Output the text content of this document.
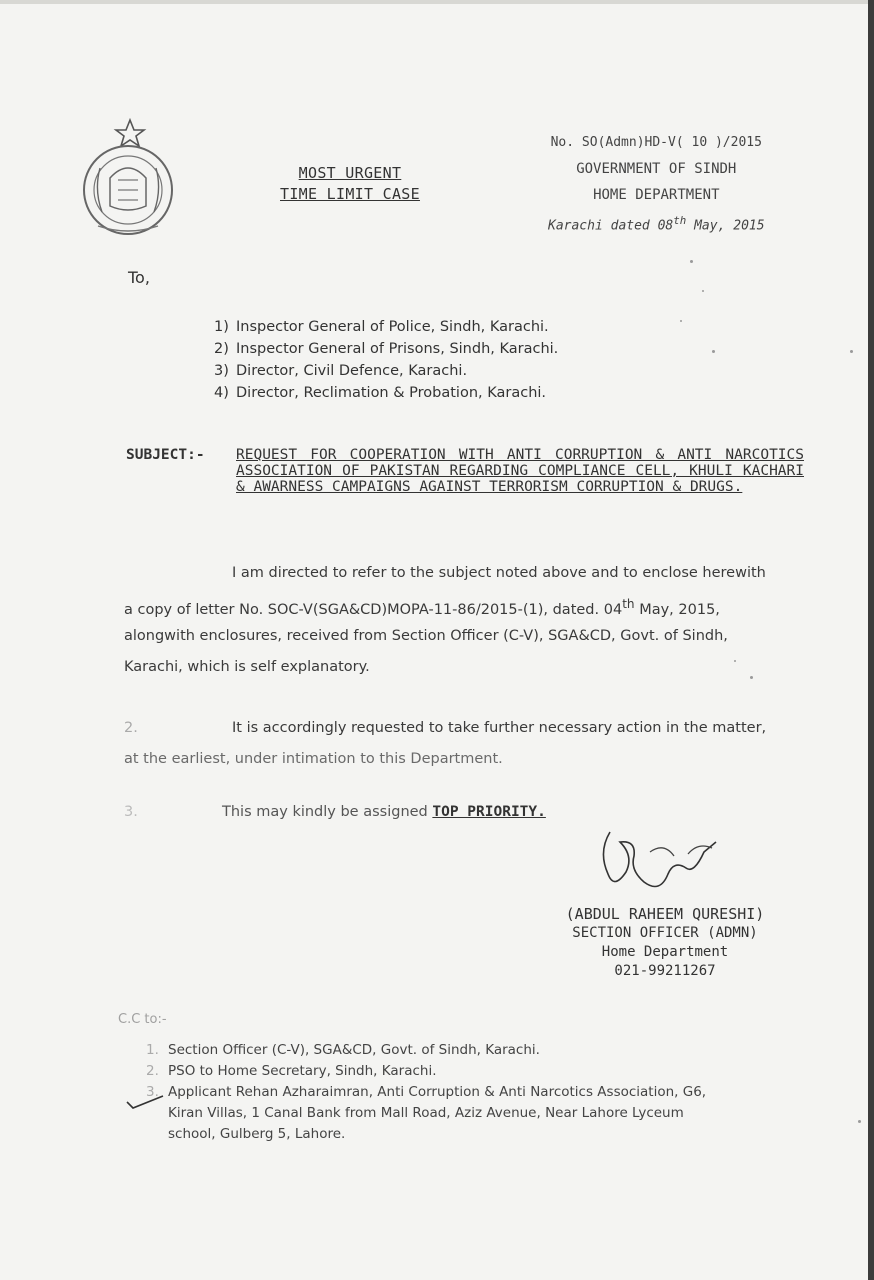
MOST URGENT
TIME LIMIT CASE
No. SO(Admn)HD-V( 10 )/2015
GOVERNMENT OF SINDH
HOME DEPARTMENT
Karachi dated 08th May, 2015
To,
1) Inspector General of Police, Sindh, Karachi.
2) Inspector General of Prisons, Sindh, Karachi.
3) Director, Civil Defence, Karachi.
4) Director, Reclimation & Probation, Karachi.
SUBJECT:- REQUEST FOR COOPERATION WITH ANTI CORRUPTION & ANTI NARCOTICS ASSOCIATION OF PAKISTAN REGARDING COMPLIANCE CELL, KHULI KACHARI & AWARNESS CAMPAIGNS AGAINST TERRORISM CORRUPTION & DRUGS.
I am directed to refer to the subject noted above and to enclose herewith
a copy of letter No. SOC-V(SGA&CD)MOPA-11-86/2015-(1), dated. 04th May, 2015,
alongwith enclosures, received from Section Officer (C-V), SGA&CD, Govt. of Sindh,
Karachi, which is self explanatory.
2.	It is accordingly requested to take further necessary action in the matter,
at the earliest, under intimation to this Department.
3.	This may kindly be assigned TOP PRIORITY.
(ABDUL RAHEEM QURESHI)
SECTION OFFICER (ADMN)
Home Department
021-99211267
C.C to:-
1. Section Officer (C-V), SGA&CD, Govt. of Sindh, Karachi.
2. PSO to Home Secretary, Sindh, Karachi.
3. Applicant Rehan Azharaimran, Anti Corruption & Anti Narcotics Association, G6,
Kiran Villas, 1 Canal Bank from Mall Road, Aziz Avenue, Near Lahore Lyceum
school, Gulberg 5, Lahore.
